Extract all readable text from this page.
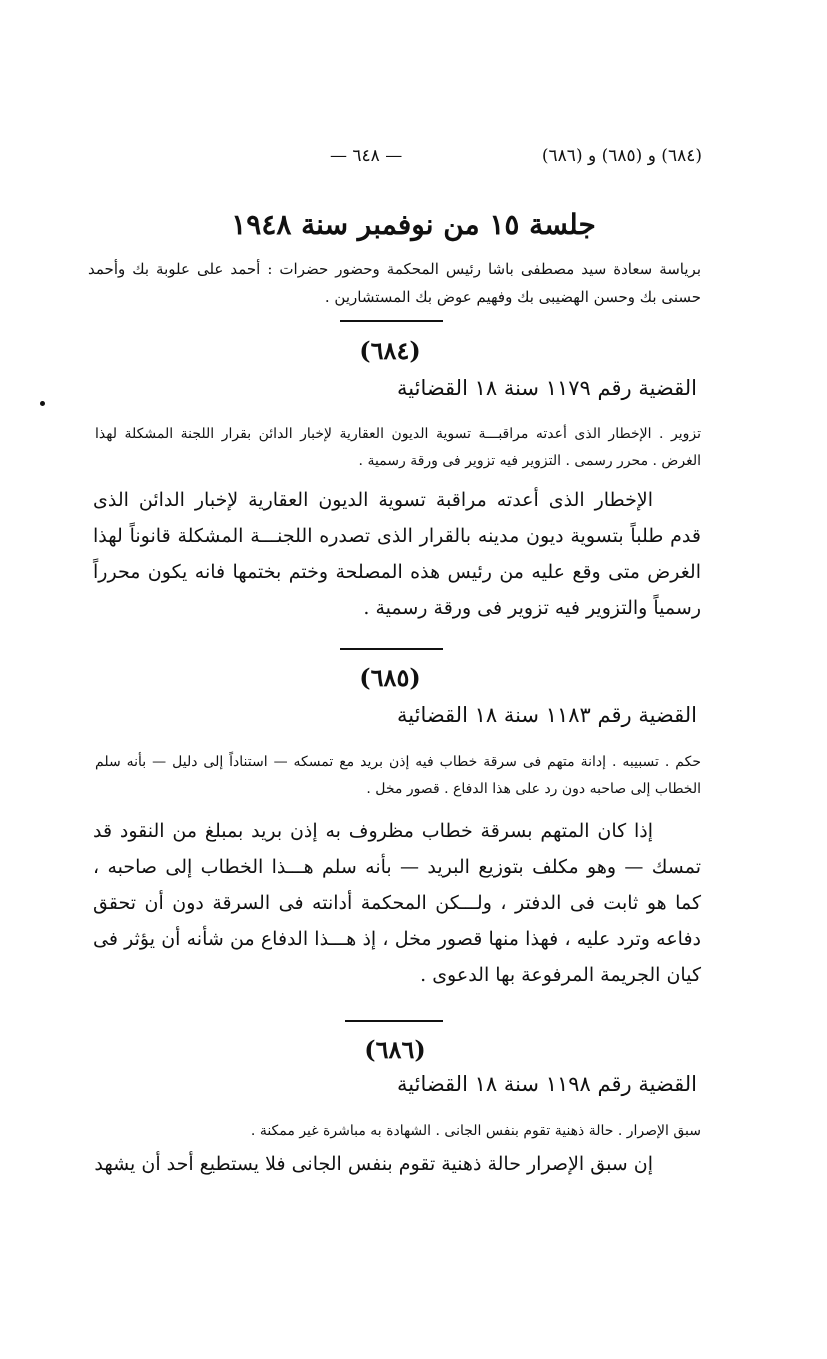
(٦٨٤) و (٦٨٥) و (٦٨٦)
— ٦٤٨ —
جلسة ١٥ من نوفمبر سنة ١٩٤٨
برياسة سعادة سيد مصطفى باشا رئيس المحكمة وحضور حضرات : أحمد على علوبة بك وأحمد حسنى بك وحسن الهضيبى بك وفهيم عوض بك المستشارين .
(٦٨٤)
القضية رقم ١١٧٩ سنة ١٨ القضائية
تزوير . الإخطار الذى أعدته مراقبـــة تسوية الديون العقارية لإخبار الدائن بقرار اللجنة المشكلة لهذا الغرض . محرر رسمى . التزوير فيه تزوير فى ورقة رسمية .
الإخطار الذى أعدته مراقبة تسوية الديون العقارية لإخبار الدائن الذى قدم طلباً بتسوية ديون مدينه بالقرار الذى تصدره اللجنـــة المشكلة قانوناً لهذا الغرض متى وقع عليه من رئيس هذه المصلحة وختم بختمها فانه يكون محرراً رسمياً والتزوير فيه تزوير فى ورقة رسمية .
(٦٨٥)
القضية رقم ١١٨٣ سنة ١٨ القضائية
حكم . تسبيبه . إدانة متهم فى سرقة خطاب فيه إذن بريد مع تمسكه — استناداً إلى دليل — بأنه سلم الخطاب إلى صاحبه دون رد على هذا الدفاع . قصور مخل .
إذا كان المتهم بسرقة خطاب مظروف به إذن بريد بمبلغ من النقود قد تمسك — وهو مكلف بتوزيع البريد — بأنه سلم هـــذا الخطاب إلى صاحبه ، كما هو ثابت فى الدفتر ، ولـــكن المحكمة أدانته فى السرقة دون أن تحقق دفاعه وترد عليه ، فهذا منها قصور مخل ، إذ هـــذا الدفاع من شأنه أن يؤثر فى كيان الجريمة المرفوعة بها الدعوى .
(٦٨٦)
القضية رقم ١١٩٨ سنة ١٨ القضائية
سبق الإصرار . حالة ذهنية تقوم بنفس الجانى . الشهادة به مباشرة غير ممكنة .
إن سبق الإصرار حالة ذهنية تقوم بنفس الجانى فلا يستطيع أحد أن يشهد
